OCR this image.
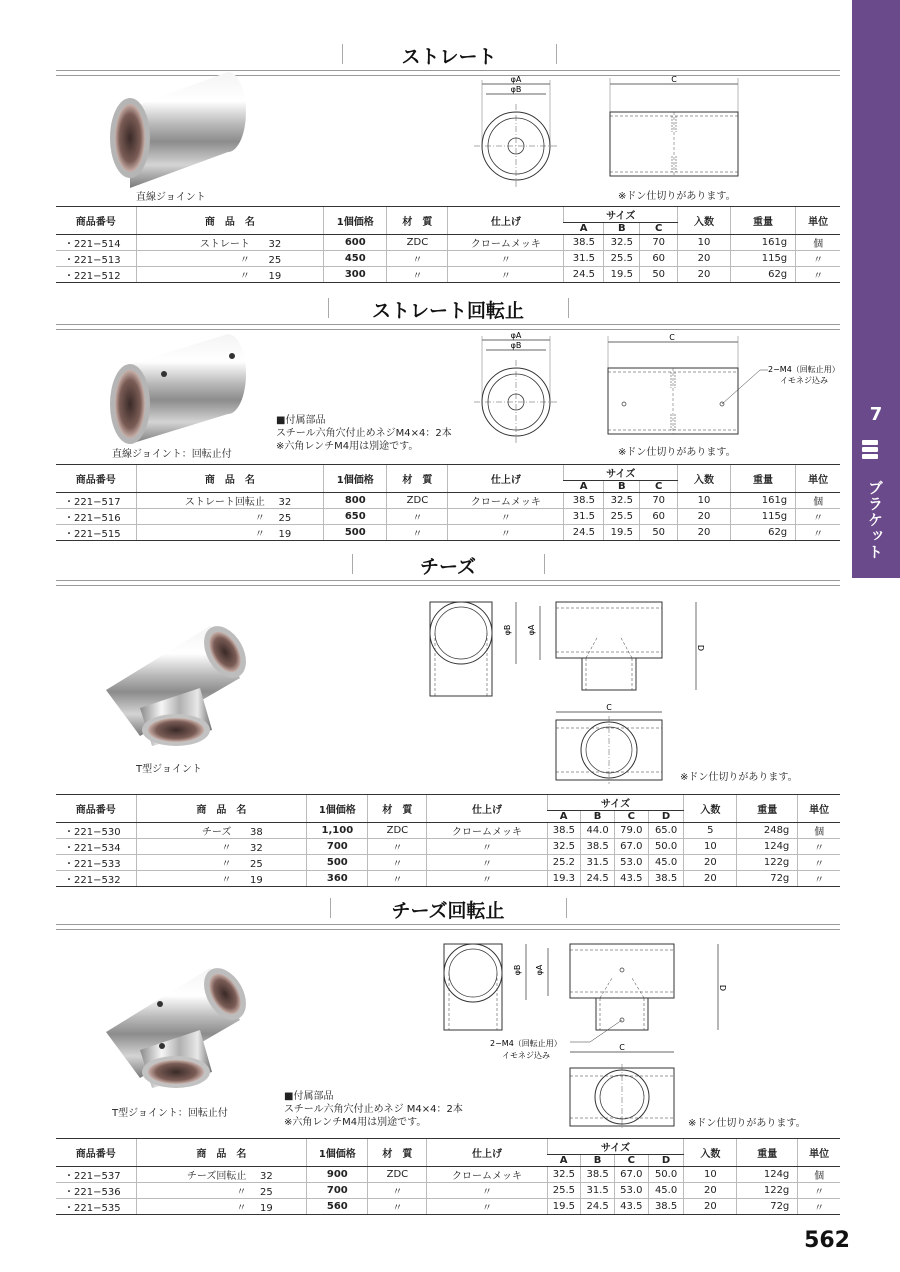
7
ブラケット
ストレート
直線ジョイント
φA
φB
C
※ドン仕切りがあります。
商品番号	商　品　名	1個価格	材　質	仕上げ	サイズ			入数	重量	単位
					A	B	C			
・221−514	ストレート 32	600	ZDC	クロームメッキ	38.5	32.5	70	10	161g	個
・221−513	〃 25	450	〃	〃	31.5	25.5	60	20	115g	〃
・221−512	〃 19	300	〃	〃	24.5	19.5	50	20	62g	〃
ストレート回転止
直線ジョイント：回転止付
■付属部品
スチール六角穴付止めネジM4×4：2本
※六角レンチM4用は別途です。
φA
φB
C
2−M4（回転止用）
イモネジ込み
※ドン仕切りがあります。
商品番号	商　品　名	1個価格	材　質	仕上げ	サイズ			入数	重量	単位
					A	B	C			
・221−517	ストレート回転止 32	800	ZDC	クロームメッキ	38.5	32.5	70	10	161g	個
・221−516	〃 25	650	〃	〃	31.5	25.5	60	20	115g	〃
・221−515	〃 19	500	〃	〃	24.5	19.5	50	20	62g	〃
チーズ
T型ジョイント
φB φA
D
C
※ドン仕切りがあります。
商品番号	商　品　名	1個価格	材　質	仕上げ	サイズ				入数	重量	単位
					A	B	C	D			
・221−530	チーズ 38	1,100	ZDC	クロームメッキ	38.5	44.0	79.0	65.0	5	248g	個
・221−534	〃 32	700	〃	〃	32.5	38.5	67.0	50.0	10	124g	〃
・221−533	〃 25	500	〃	〃	25.2	31.5	53.0	45.0	20	122g	〃
・221−532	〃 19	360	〃	〃	19.3	24.5	43.5	38.5	20	72g	〃
チーズ回転止
T型ジョイント：回転止付
■付属部品
スチール六角穴付止めネジ M4×4：2本
※六角レンチM4用は別途です。
φB φA
D
C
2−M4（回転止用）
イモネジ込み
※ドン仕切りがあります。
商品番号	商　品　名	1個価格	材　質	仕上げ	サイズ				入数	重量	単位
					A	B	C	D			
・221−537	チーズ回転止 32	900	ZDC	クロームメッキ	32.5	38.5	67.0	50.0	10	124g	個
・221−536	〃 25	700	〃	〃	25.5	31.5	53.0	45.0	20	122g	〃
・221−535	〃 19	560	〃	〃	19.5	24.5	43.5	38.5	20	72g	〃
562
